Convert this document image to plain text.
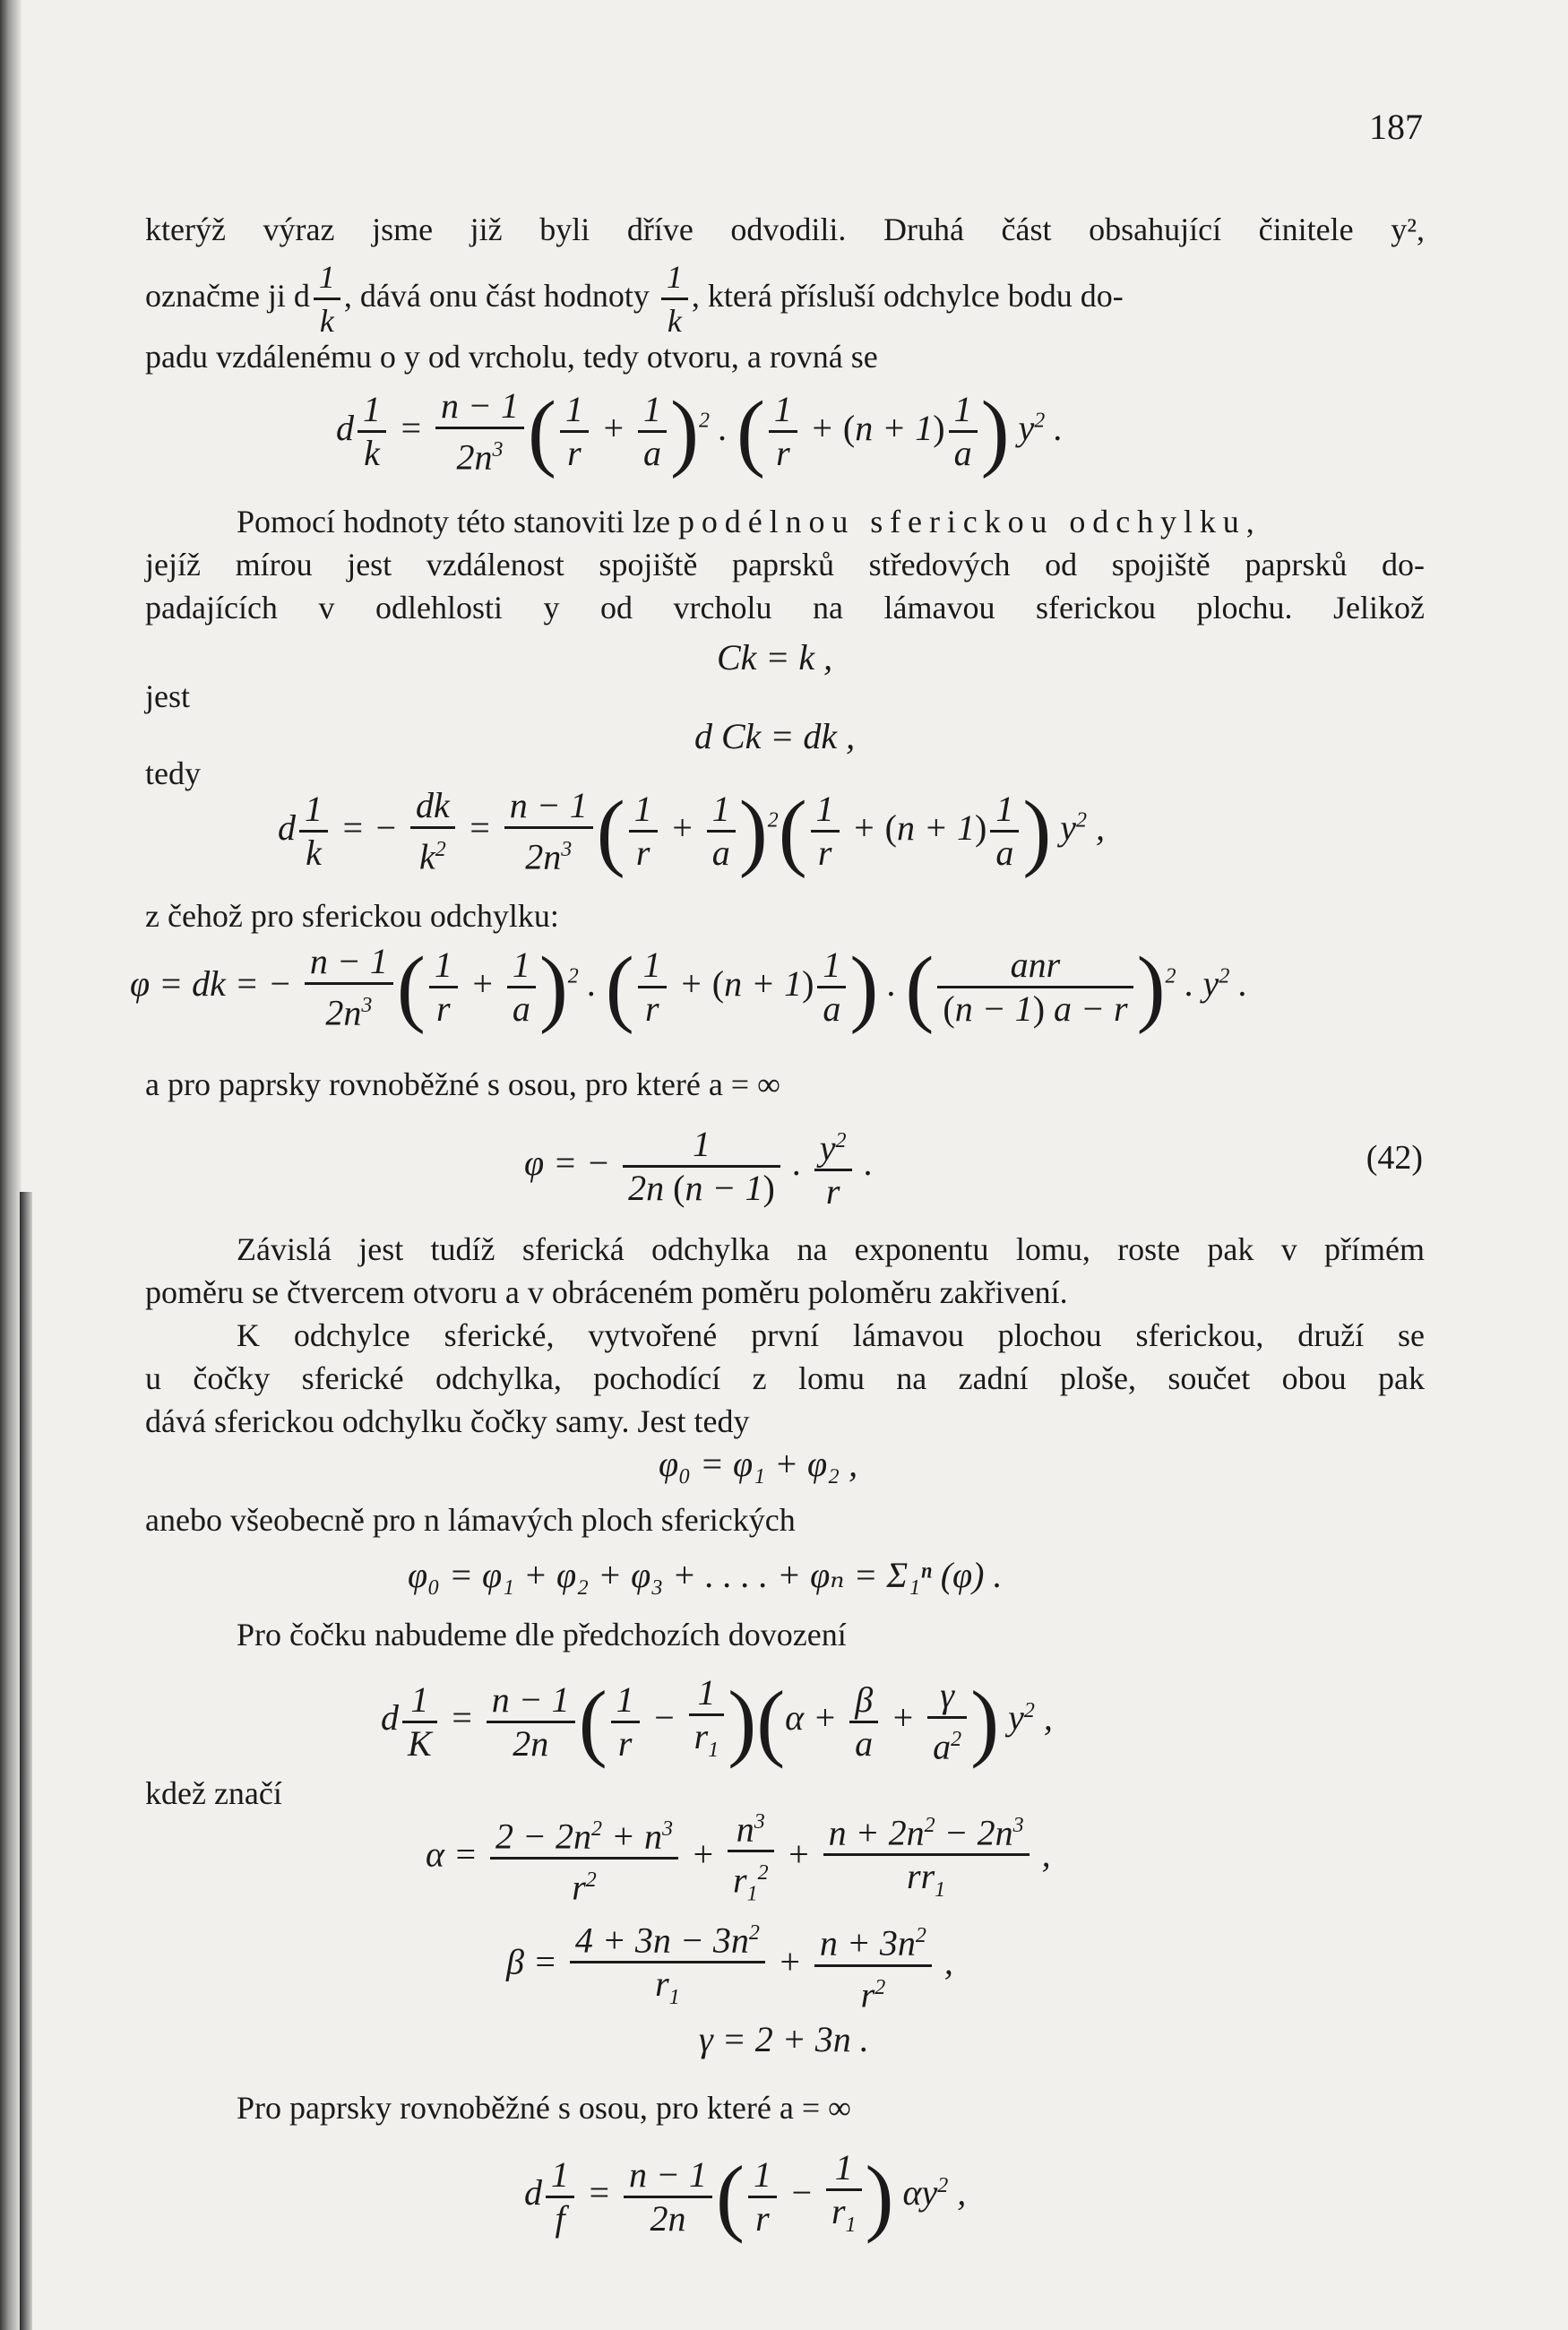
187
kterýž výraz jsme již byli dříve odvodili. Druhá část obsahující činitele y²,
označme ji d $\frac{1}{k}$ , dává onu část hodnoty $\frac{1}{k}$ , která přísluší odchylce bodu do-
padu vzdálenému o y od vrcholu, tedy otvoru, a rovná se
d $\frac{1}{k} = \frac{n - 1}{2n^3}$ ( $\frac{1}{r} + \frac{1}{a} )^2$ . ( $\frac{1}{r} + (n + 1) \frac{1}{a}$ ) $y^2$ .
Pomocí hodnoty této stanoviti lze podélnou sferickou odchylku,
jejíž mírou jest vzdálenost spojiště paprsků středových od spojiště paprsků do-
padajících v odlehlosti y od vrcholu na lámavou sferickou plochu. Jelikož
Ck = k ,
jest
d Ck = dk ,
tedy
d $\frac{1}{k}$ = − $\frac{dk}{k^2} = \frac{n - 1}{2n^3}$ ( $\frac{1}{r} + \frac{1}{a} )^2( \frac{1}{r} + (n + 1) \frac{1}{a}$ ) $y^2$ ,
z čehož pro sferickou odchylku:
φ = dk = − $\frac{n - 1}{2n^3}$ ( $\frac{1}{r} + \frac{1}{a} )^2$ . ( $\frac{1}{r} + (n + 1) \frac{1}{a}$ ) . ( $\frac{\text{anr}}{(n - 1) a - r} )^2$ . $y^2$ .
a pro paprsky rovnoběžné s osou, pro které a = ∞
φ = − $\frac{1}{2n (n - 1)}$ . $\frac{y^2}{r}$ .	(42)
Závislá jest tudíž sferická odchylka na exponentu lomu, roste pak v přímém
poměru se čtvercem otvoru a v obráceném poměru poloměru zakřivení.
K odchylce sferické, vytvořené první lámavou plochou sferickou, druží se
u čočky sferické odchylka, pochodící z lomu na zadní ploše, součet obou pak
dává sferickou odchylku čočky samy. Jest tedy
φ₀ = φ₁ + φ₂ ,
anebo všeobecně pro n lámavých ploch sferických
φ₀ = φ₁ + φ₂ + φ₃ + . . . . + φₙ = Σ₁ⁿ (φ) .
Pro čočku nabudeme dle předchozích dovození
d $\frac{1}{K} = \frac{n - 1}{2n}$ ( $\frac{1}{r} - \frac{1}{r_1} )(\alpha + \frac{\beta}{a} + \frac{\gamma}{a^2}$ ) $y^2$ ,
kdež značí
$\alpha = \frac{2 - 2n^2 + n^3}{r^2} + \frac{n^3}{r_1^2} + \frac{n + 2n^2 - 2n^3}{rr_1}$ ,
$\beta = \frac{4 + 3n - 3n^2}{r_1} + \frac{n + 3n^2}{r^2}$ ,
γ = 2 + 3n .
Pro paprsky rovnoběžné s osou, pro které a = ∞
d $\frac{1}{f} = \frac{n - 1}{2n}$ ( $\frac{1}{r} - \frac{1}{r_1}$ ) $\alpha y^2$ ,
